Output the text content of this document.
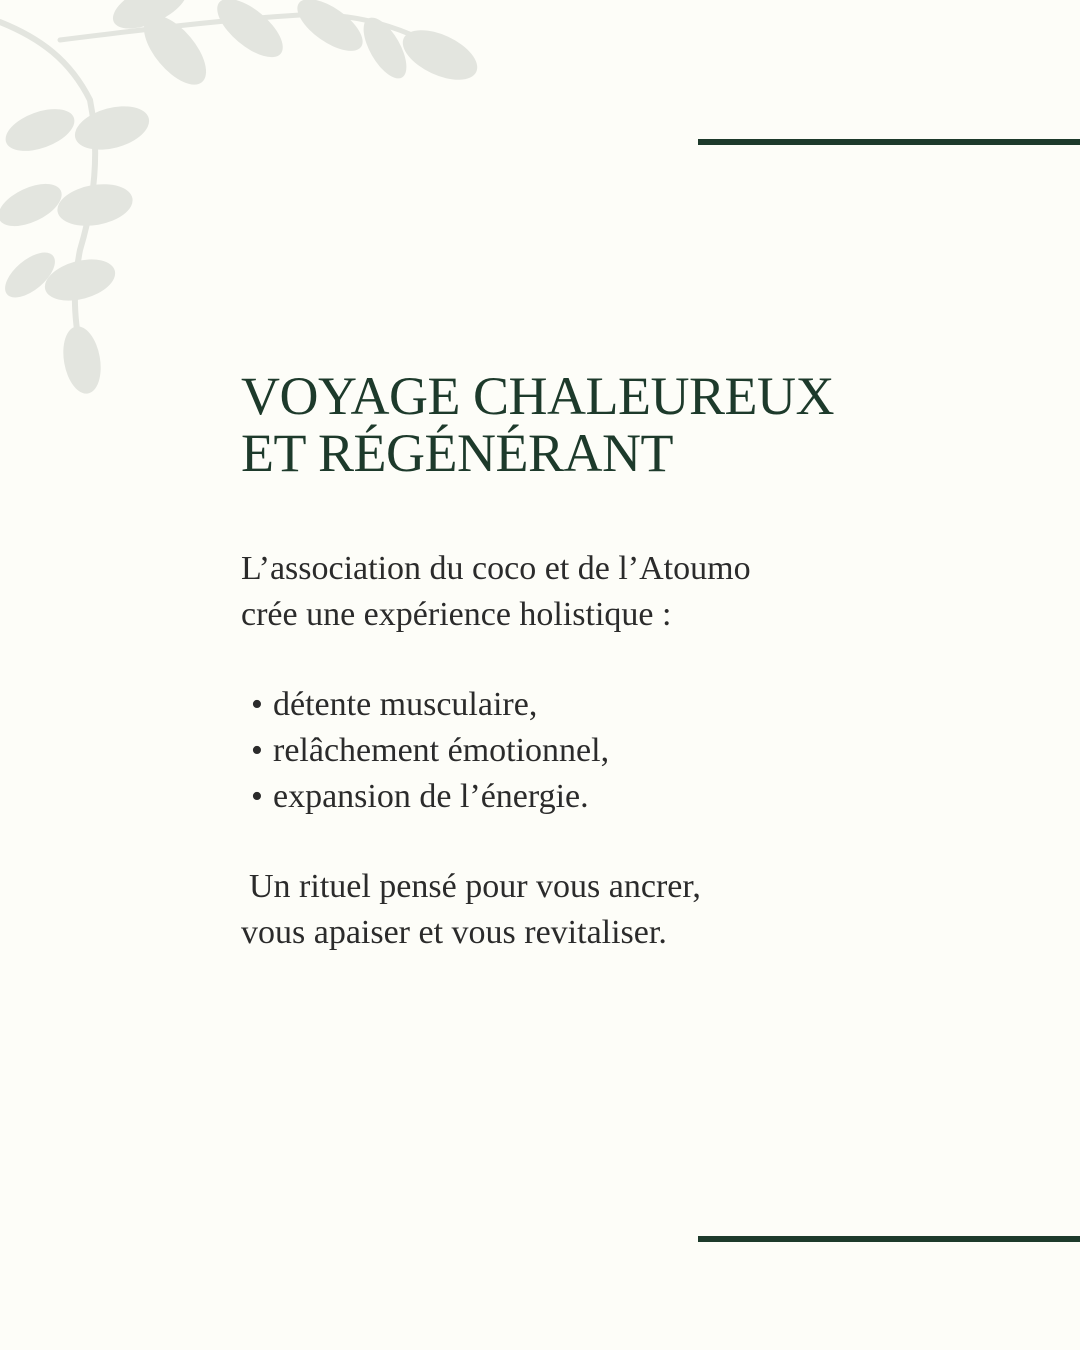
VOYAGE CHALEUREUX
ET RÉGÉNÉRANT

L’association du coco et de l’Atoumo
crée une expérience holistique :

• détente musculaire,
• relâchement émotionnel,
• expansion de l’énergie.

Un rituel pensé pour vous ancrer,
vous apaiser et vous revitaliser.
